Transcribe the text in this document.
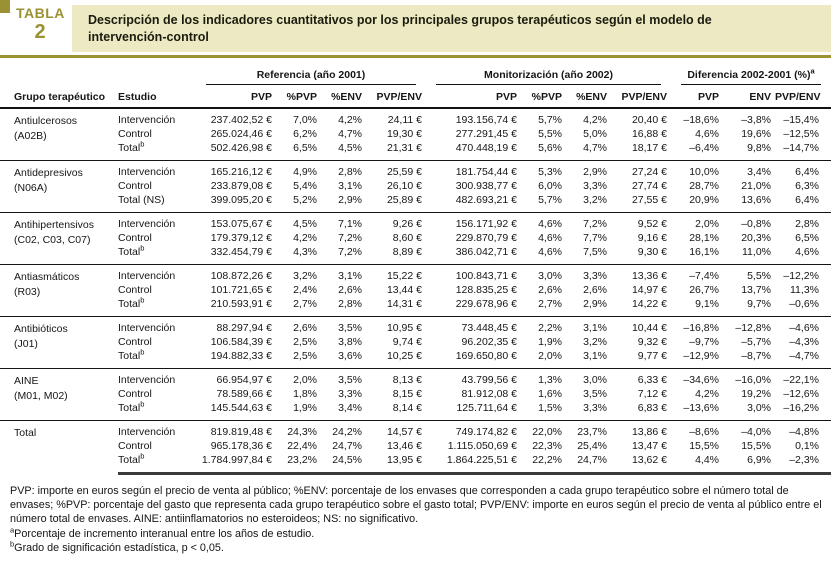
TABLA
2
Descripción de los indicadores cuantitativos por los principales grupos terapéuticos según el modelo de intervención-control

		Referencia (año 2001)				Monitorización (año 2002)				Diferencia 2002-2001 (%)$^a$

Grupo terapéutico	Estudio	PVP	%PVP	%ENV	PVP/ENV	PVP	%PVP	%ENV	PVP/ENV	PVP	ENV	PVP/ENV

Antiulcerosos
(A02B)	Intervención	237.402,52 €	7,0%	4,2%	24,11 €	193.156,74 €	5,7%	4,2%	20,40 €	–18,6%	–3,8%	–15,4%
	Control	265.024,46 €	6,2%	4,7%	19,30 €	277.291,45 €	5,5%	5,0%	16,88 €	4,6%	19,6%	–12,5%
	Total$^b$	502.426,98 €	6,5%	4,5%	21,31 €	470.448,19 €	5,6%	4,7%	18,17 €	–6,4%	9,8%	–14,7%

Antidepresivos
(N06A)	Intervención	165.216,12 €	4,9%	2,8%	25,59 €	181.754,44 €	5,3%	2,9%	27,24 €	10,0%	3,4%	6,4%
	Control	233.879,08 €	5,4%	3,1%	26,10 €	300.938,77 €	6,0%	3,3%	27,74 €	28,7%	21,0%	6,3%
	Total (NS)	399.095,20 €	5,2%	2,9%	25,89 €	482.693,21 €	5,7%	3,2%	27,55 €	20,9%	13,6%	6,4%

Antihipertensivos
(C02, C03, C07)	Intervención	153.075,67 €	4,5%	7,1%	9,26 €	156.171,92 €	4,6%	7,2%	9,52 €	2,0%	–0,8%	2,8%
	Control	179.379,12 €	4,2%	7,2%	8,60 €	229.870,79 €	4,6%	7,7%	9,16 €	28,1%	20,3%	6,5%
	Total$^b$	332.454,79 €	4,3%	7,2%	8,89 €	386.042,71 €	4,6%	7,5%	9,30 €	16,1%	11,0%	4,6%

Antiasmáticos
(R03)	Intervención	108.872,26 €	3,2%	3,1%	15,22 €	100.843,71 €	3,0%	3,3%	13,36 €	–7,4%	5,5%	–12,2%
	Control	101.721,65 €	2,4%	2,6%	13,44 €	128.835,25 €	2,6%	2,6%	14,97 €	26,7%	13,7%	11,3%
	Total$^b$	210.593,91 €	2,7%	2,8%	14,31 €	229.678,96 €	2,7%	2,9%	14,22 €	9,1%	9,7%	–0,6%

Antibióticos
(J01)	Intervención	88.297,94 €	2,6%	3,5%	10,95 €	73.448,45 €	2,2%	3,1%	10,44 €	–16,8%	–12,8%	–4,6%
	Control	106.584,39 €	2,5%	3,8%	9,74 €	96.202,35 €	1,9%	3,2%	9,32 €	–9,7%	–5,7%	–4,3%
	Total$^b$	194.882,33 €	2,5%	3,6%	10,25 €	169.650,80 €	2,0%	3,1%	9,77 €	–12,9%	–8,7%	–4,7%

AINE
(M01, M02)	Intervención	66.954,97 €	2,0%	3,5%	8,13 €	43.799,56 €	1,3%	3,0%	6,33 €	–34,6%	–16,0%	–22,1%
	Control	78.589,66 €	1,8%	3,3%	8,15 €	81.912,08 €	1,6%	3,5%	7,12 €	4,2%	19,2%	–12,6%
	Total$^b$	145.544,63 €	1,9%	3,4%	8,14 €	125.711,64 €	1,5%	3,3%	6,83 €	–13,6%	3,0%	–16,2%

Total	Intervención	819.819,48 €	24,3%	24,2%	14,57 €	749.174,82 €	22,0%	23,7%	13,86 €	–8,6%	–4,0%	–4,8%
	Control	965.178,36 €	22,4%	24,7%	13,46 €	1.115.050,69 €	22,3%	25,4%	13,47 €	15,5%	15,5%	0,1%
	Total$^b$	1.784.997,84 €	23,2%	24,5%	13,95 €	1.864.225,51 €	22,2%	24,7%	13,62 €	4,4%	6,9%	–2,3%

PVP: importe en euros según el precio de venta al público; %ENV: porcentaje de los envases que corresponden a cada grupo terapéutico sobre el número total de envases; %PVP: porcentaje del gasto que representa cada grupo terapéutico sobre el gasto total; PVP/ENV: importe en euros según el precio de venta al público entre el número total de envases. AINE: antiinflamatorios no esteroideos; NS: no significativo.

$^a$Porcentaje de incremento interanual entre los años de estudio.

$^b$Grado de significación estadística, p < 0,05.
